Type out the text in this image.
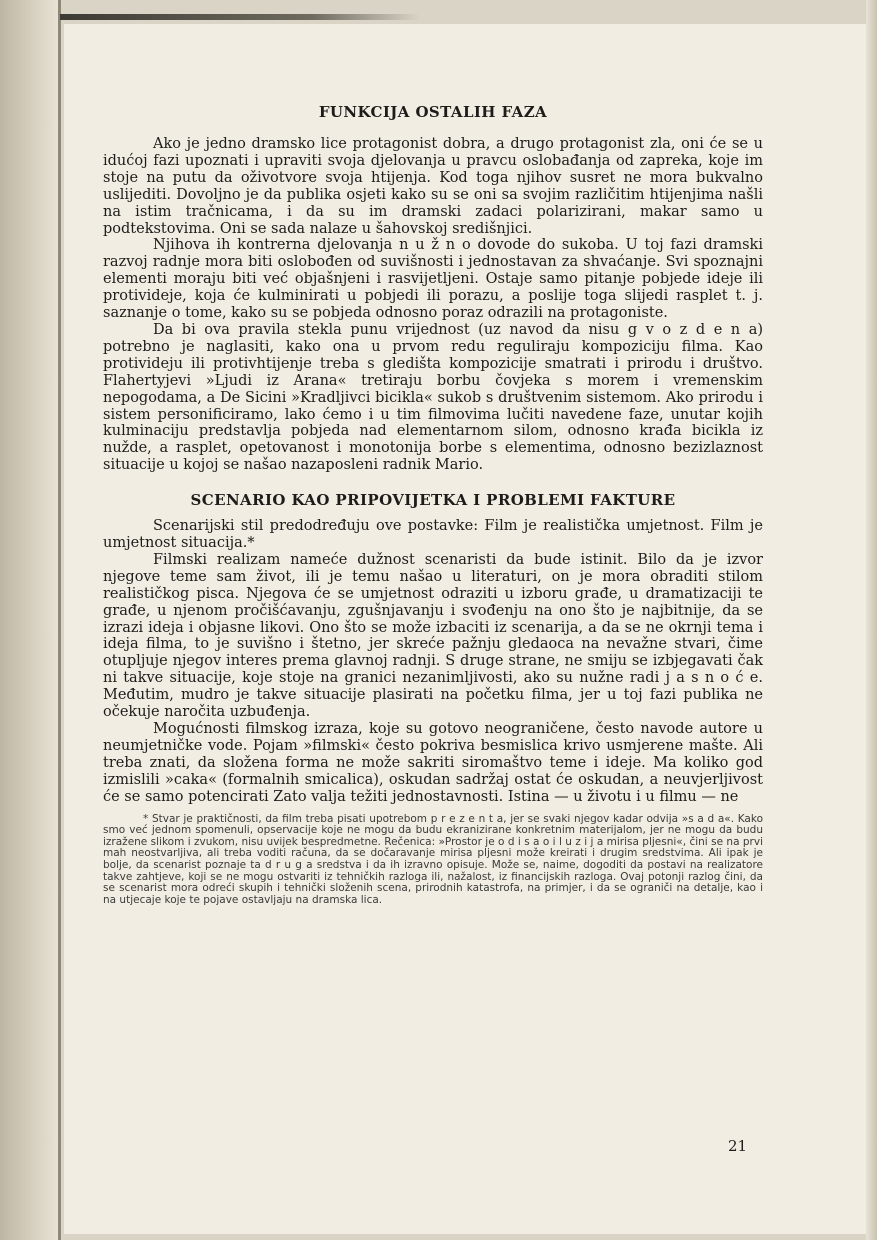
FUNKCIJA OSTALIH FAZA

Ako je jedno dramsko lice protagonist dobra, a drugo protagonist zla, oni će se u idućoj fazi upoznati i upraviti svoja djelovanja u pravcu oslobađanja od zapreka, koje im stoje na putu da oživotvore svoja htijenja. Kod toga njihov susret ne mora bukvalno uslijediti. Dovoljno je da publika osjeti kako su se oni sa svojim različitim htijenjima našli na istim tračnicama, i da su im dramski zadaci polarizirani, makar samo u podtekstovima. Oni se sada nalaze u šahovskoj središnjici.

Njihova ih kontrerna djelovanja n u ž n o dovode do sukoba. U toj fazi dramski razvoj radnje mora biti oslobođen od suvišnosti i jednostavan za shvaćanje. Svi spoznajni elementi moraju biti već objašnjeni i rasvijetljeni. Ostaje samo pitanje pobjede ideje ili protivideje, koja će kulminirati u pobjedi ili porazu, a poslije toga slijedi rasplet t. j. saznanje o tome, kako su se pobjeda odnosno poraz odrazili na protagoniste.

Da bi ova pravila stekla punu vrijednost (uz navod da nisu g v o z d e n a) potrebno je naglasiti, kako ona u prvom redu reguliraju kompoziciju filma. Kao protivideju ili protivhtijenje treba s gledišta kompozicije smatrati i prirodu i društvo. Flahertyjevi »Ljudi iz Arana« tretiraju borbu čovjeka s morem i vremenskim nepogodama, a De Sicini »Kradljivci bicikla« sukob s društvenim sistemom. Ako prirodu i sistem personificiramo, lako ćemo i u tim filmovima lučiti navedene faze, unutar kojih kulminaciju predstavlja pobjeda nad elementarnom silom, odnosno krađa bicikla iz nužde, a rasplet, opetovanost i monotonija borbe s elementima, odnosno bezizlaznost situacije u kojoj se našao nazaposleni radnik Mario.

SCENARIO KAO PRIPOVIJETKA I PROBLEMI FAKTURE

Scenarijski stil predodređuju ove postavke: Film je realistička umjetnost. Film je umjetnost situacija.*

Filmski realizam nameće dužnost scenaristi da bude istinit. Bilo da je izvor njegove teme sam život, ili je temu našao u literaturi, on je mora obraditi stilom realističkog pisca. Njegova će se umjetnost odraziti u izboru građe, u dramatizaciji te građe, u njenom pročišćavanju, zgušnjavanju i svođenju na ono što je najbitnije, da se izrazi ideja i objasne likovi. Ono što se može izbaciti iz scenarija, a da se ne okrnji tema i ideja filma, to je suvišno i štetno, jer skreće pažnju gledaoca na nevažne stvari, čime otupljuje njegov interes prema glavnoj radnji. S druge strane, ne smiju se izbjegavati čak ni takve situacije, koje stoje na granici nezanimljivosti, ako su nužne radi j a s n o ć e. Međutim, mudro je takve situacije plasirati na početku filma, jer u toj fazi publika ne očekuje naročita uzbuđenja.

Mogućnosti filmskog izraza, koje su gotovo neograničene, često navode autore u neumjetničke vode. Pojam »filmski« često pokriva besmislica krivo usmjerene mašte. Ali treba znati, da složena forma ne može sakriti siromaštvo teme i ideje. Ma koliko god izmislili »caka« (formalnih smicalica), oskudan sadržaj ostat će oskudan, a neuvjerljivost će se samo potencirati Zato valja težiti jednostavnosti. Istina — u životu i u filmu — ne

* Stvar je praktičnosti, da film treba pisati upotrebom p r e z e n t a, jer se svaki njegov kadar odvija »s a d a«. Kako smo već jednom spomenuli, opservacije koje ne mogu da budu ekranizirane konkretnim materijalom, jer ne mogu da budu izražene slikom i zvukom, nisu uvijek bespredmetne. Rečenica: »Prostor je o d i s a o i l u z i j a mirisa pljesni«, čini se na prvi mah neostvarljiva, ali treba voditi računa, da se dočaravanje mirisa pljesni može kreirati i drugim sredstvima. Ali ipak je bolje, da scenarist poznaje ta d r u g a sredstva i da ih izravno opisuje. Može se, naime, dogoditi da postavi na realizatore takve zahtjeve, koji se ne mogu ostvariti iz tehničkih razloga ili, nažalost, iz financijskih razloga. Ovaj potonji razlog čini, da se scenarist mora odreći skupih i tehnički složenih scena, prirodnih katastrofa, na primjer, i da se ograniči na detalje, kao i na utjecaje koje te pojave ostavljaju na dramska lica.

21
